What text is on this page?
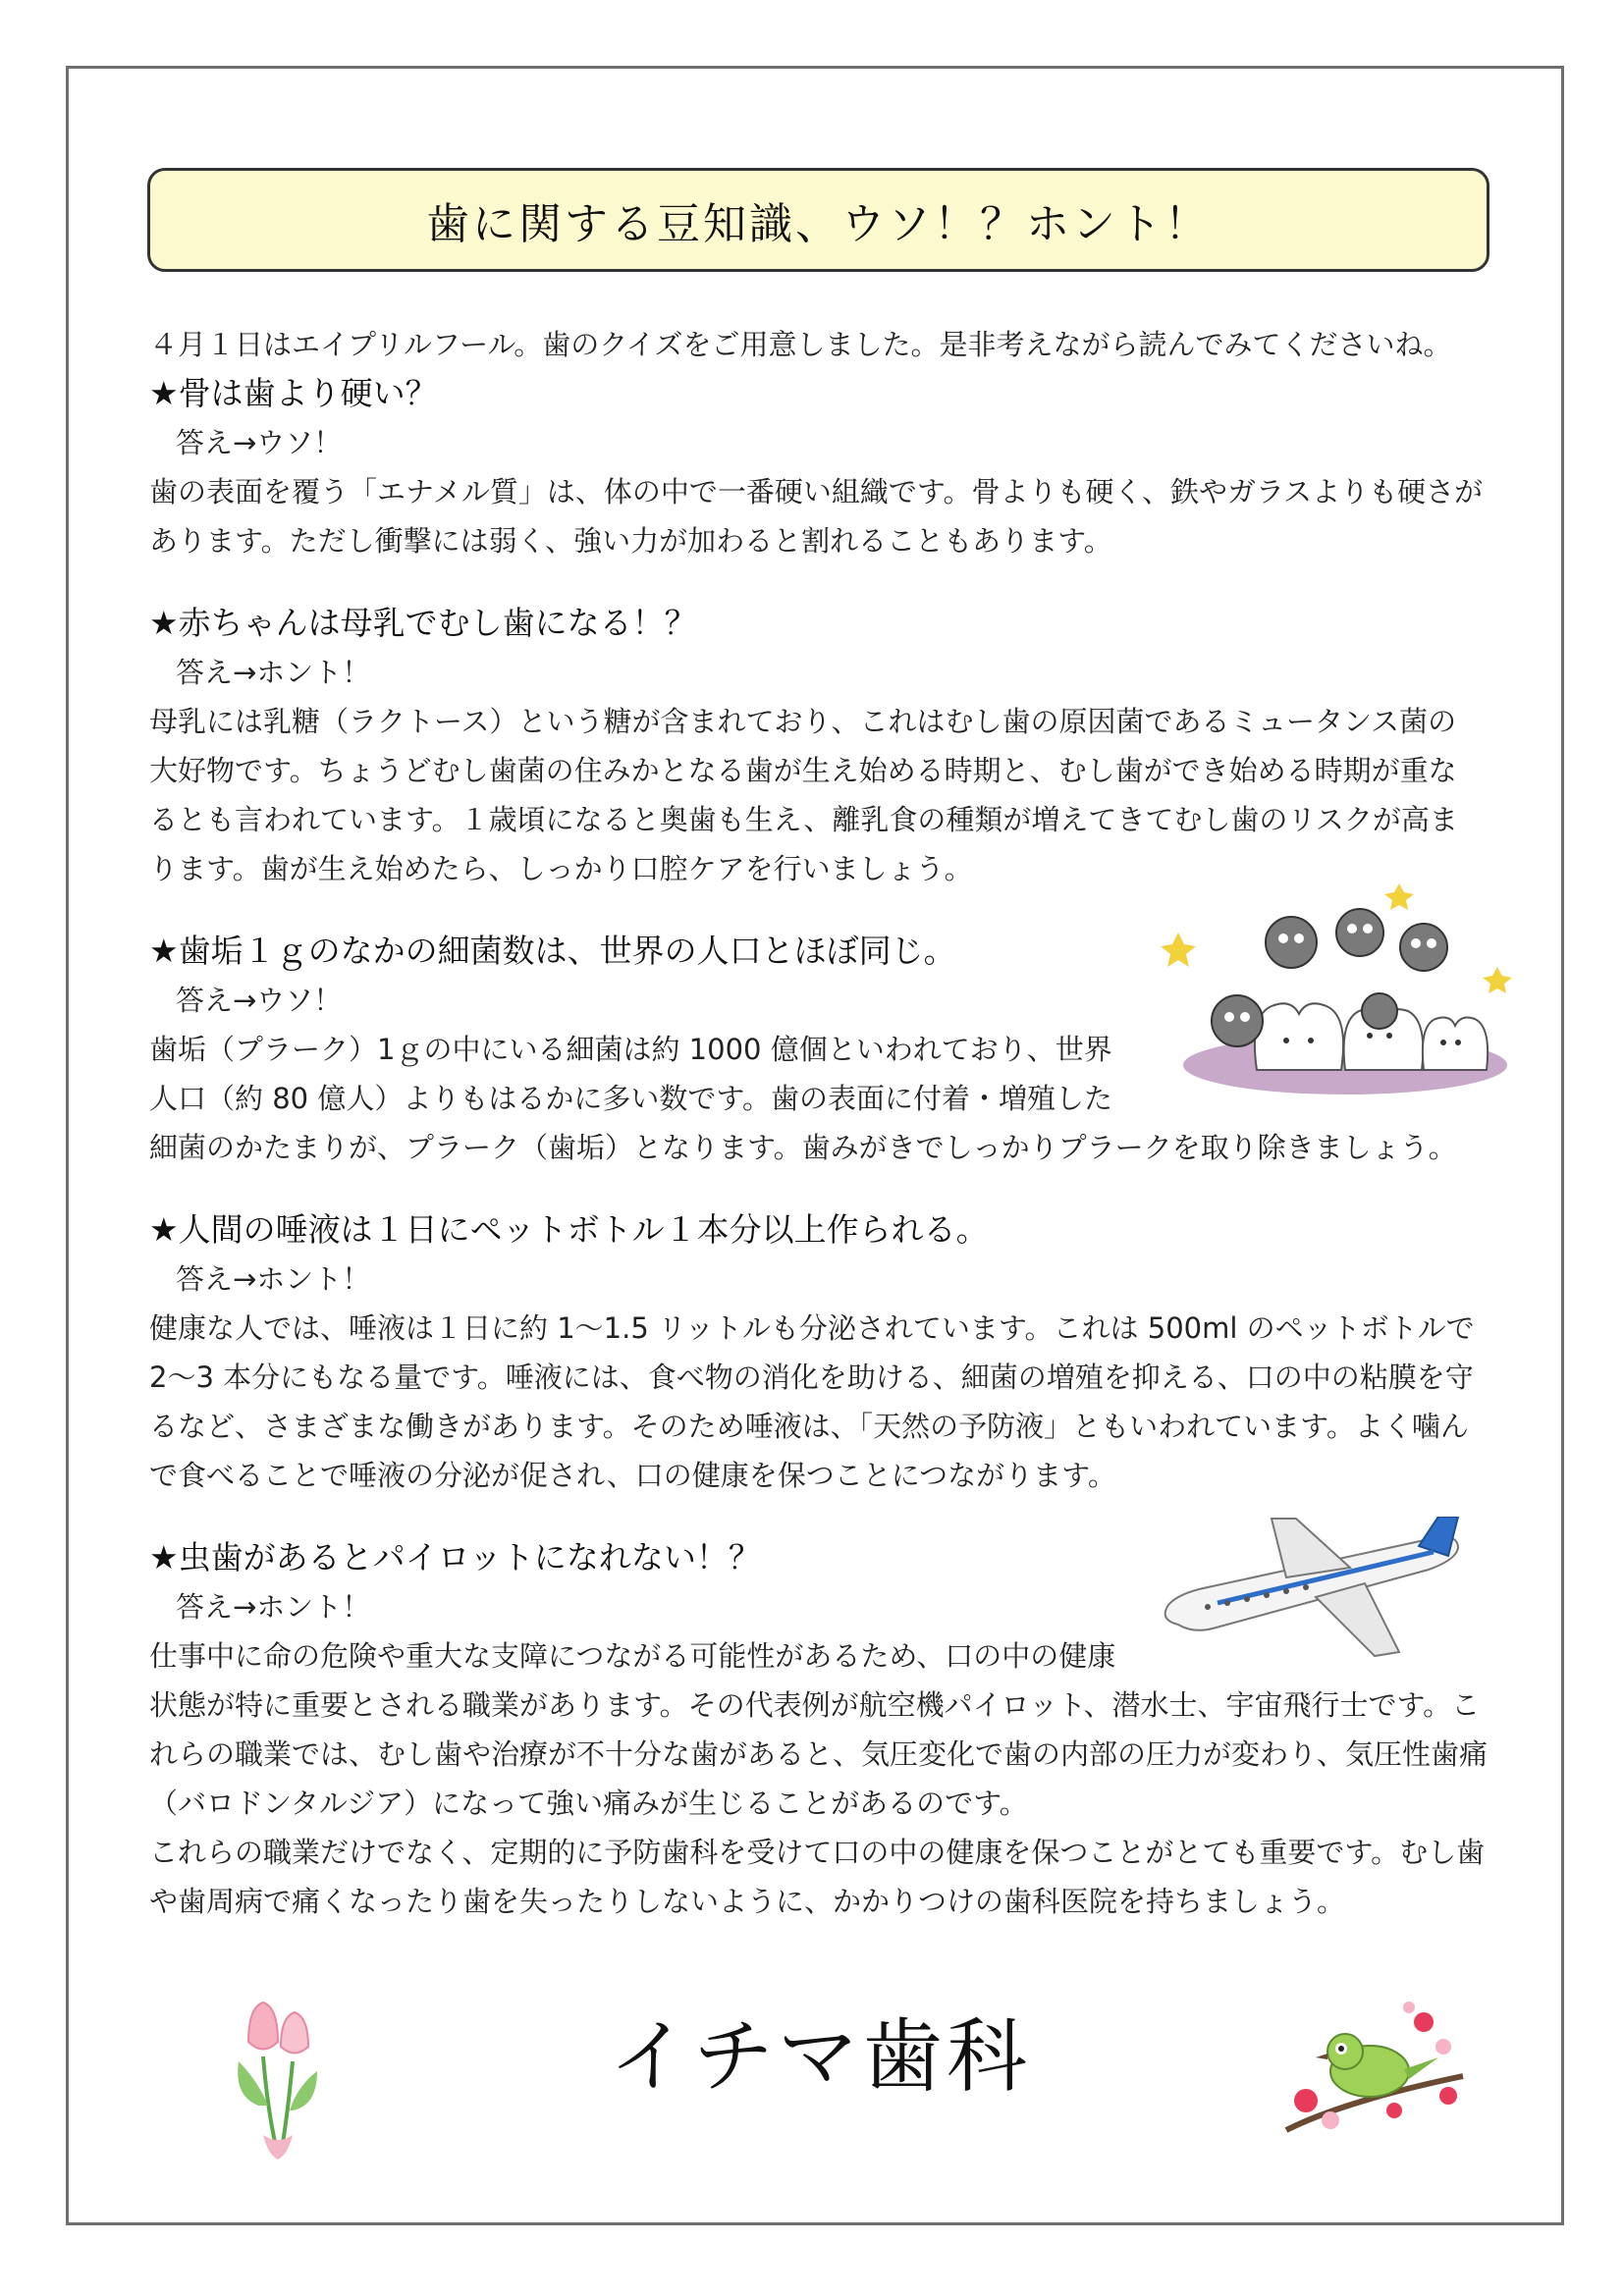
歯に関する豆知識、ウソ！？ホント！

４月１日はエイプリルフール。歯のクイズをご用意しました。是非考えながら読んでみてくださいね。

★骨は歯より硬い？

答え→ウソ！

歯の表面を覆う「エナメル質」は、体の中で一番硬い組織です。骨よりも硬く、鉄やガラスよりも硬さが

あります。ただし衝撃には弱く、強い力が加わると割れることもあります。

★赤ちゃんは母乳でむし歯になる！？

答え→ホント！

母乳には乳糖（ラクトース）という糖が含まれており、これはむし歯の原因菌であるミュータンス菌の

大好物です。ちょうどむし歯菌の住みかとなる歯が生え始める時期と、むし歯ができ始める時期が重な

るとも言われています。１歳頃になると奥歯も生え、離乳食の種類が増えてきてむし歯のリスクが高ま

ります。歯が生え始めたら、しっかり口腔ケアを行いましょう。

★歯垢１ｇのなかの細菌数は、世界の人口とほぼ同じ。

答え→ウソ！

歯垢（プラーク）1ｇの中にいる細菌は約 1000 億個といわれており、世界

人口（約 80 億人）よりもはるかに多い数です。歯の表面に付着・増殖した

細菌のかたまりが、プラーク（歯垢）となります。歯みがきでしっかりプラークを取り除きましょう。

★人間の唾液は１日にペットボトル１本分以上作られる。

答え→ホント！

健康な人では、唾液は１日に約 1～1.5 リットルも分泌されています。これは 500ml のペットボトルで

2～3 本分にもなる量です。唾液には、食べ物の消化を助ける、細菌の増殖を抑える、口の中の粘膜を守

るなど、さまざまな働きがあります。そのため唾液は、「天然の予防液」ともいわれています。よく噛ん

で食べることで唾液の分泌が促され、口の健康を保つことにつながります。

★虫歯があるとパイロットになれない！？

答え→ホント！

仕事中に命の危険や重大な支障につながる可能性があるため、口の中の健康

状態が特に重要とされる職業があります。その代表例が航空機パイロット、潜水士、宇宙飛行士です。こ

れらの職業では、むし歯や治療が不十分な歯があると、気圧変化で歯の内部の圧力が変わり、気圧性歯痛

（バロドンタルジア）になって強い痛みが生じることがあるのです。

これらの職業だけでなく、定期的に予防歯科を受けて口の中の健康を保つことがとても重要です。むし歯

や歯周病で痛くなったり歯を失ったりしないように、かかりつけの歯科医院を持ちましょう。

イチマ歯科
